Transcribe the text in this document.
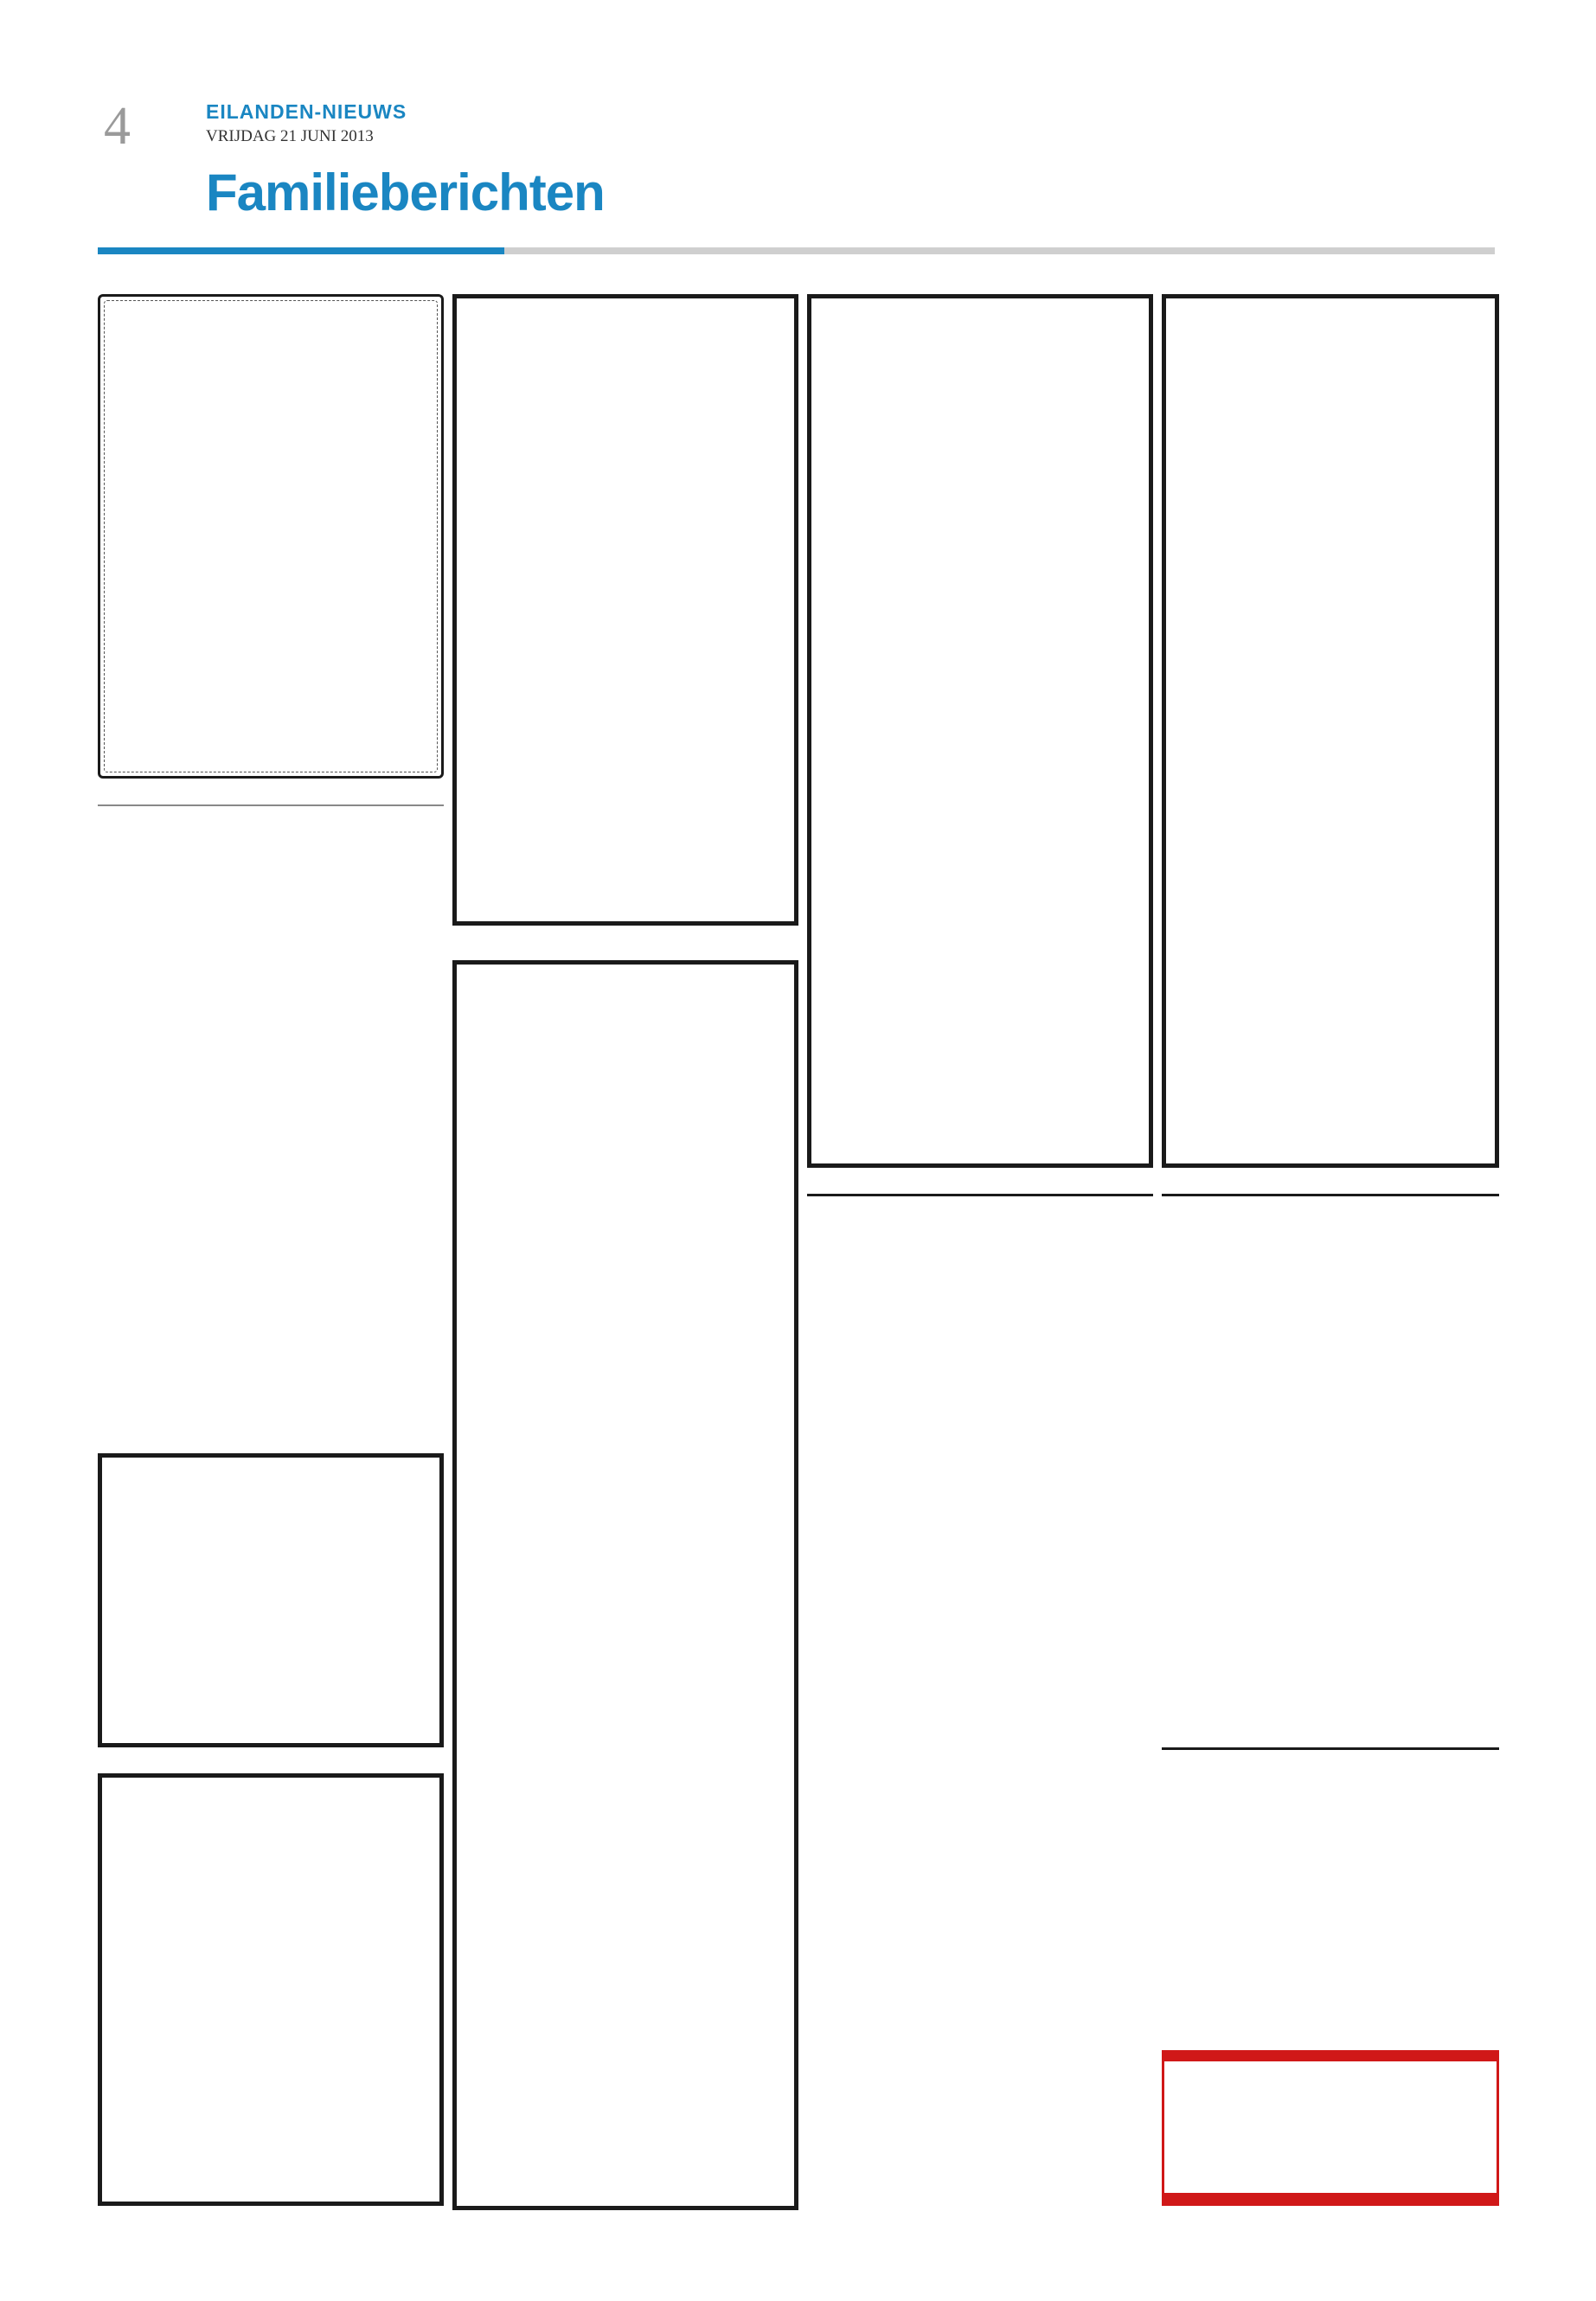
4	EILANDEN-NIEUWS
VRIJDAG 21 JUNI 2013
Familieberichten
